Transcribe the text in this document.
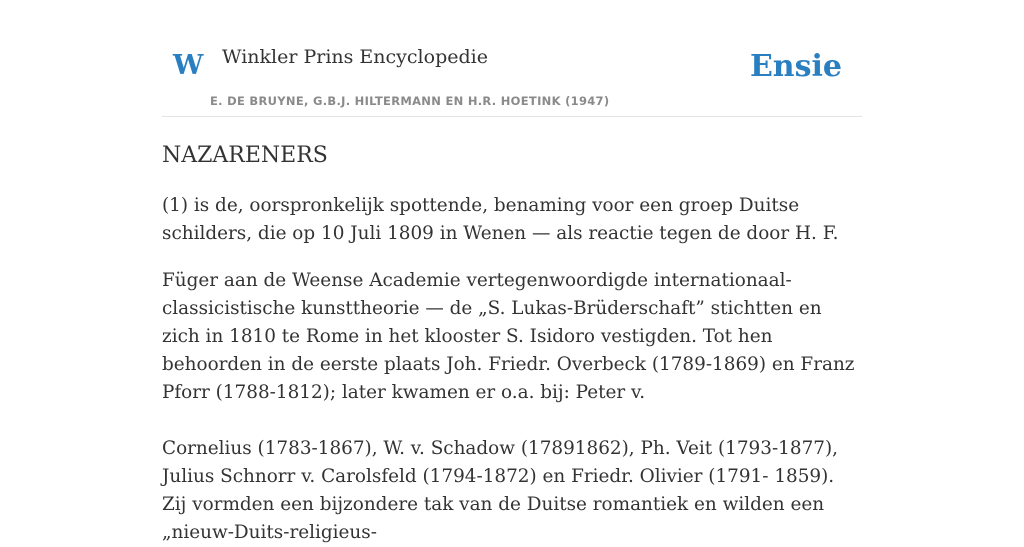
W Winkler Prins Encyclopedie
E. DE BRUYNE, G.B.J. HILTERMANN EN H.R. HOETINK (1947)
Ensie
NAZARENERS

(1) is de, oorspronkelijk spottende, benaming voor een groep Duitse schilders, die op 10 Juli 1809 in Wenen — als reactie tegen de door H. F.

Füger aan de Weense Academie vertegenwoordigde internationaal-classicistische kunsttheorie — de „S. Lukas-Brüderschaft” stichtten en zich in 1810 te Rome in het klooster S. Isidoro vestigden. Tot hen behoorden in de eerste plaats Joh. Friedr. Overbeck (1789-1869) en Franz Pforr (1788-1812); later kwamen er o.a. bij: Peter v.

Cornelius (1783-1867), W. v. Schadow (17891862), Ph. Veit (1793-1877), Julius Schnorr v. Carolsfeld (1794-1872) en Friedr. Olivier (1791- 1859). Zij vormden een bijzondere tak van de Duitse romantiek en wilden een „nieuw-Duits-religieus-
